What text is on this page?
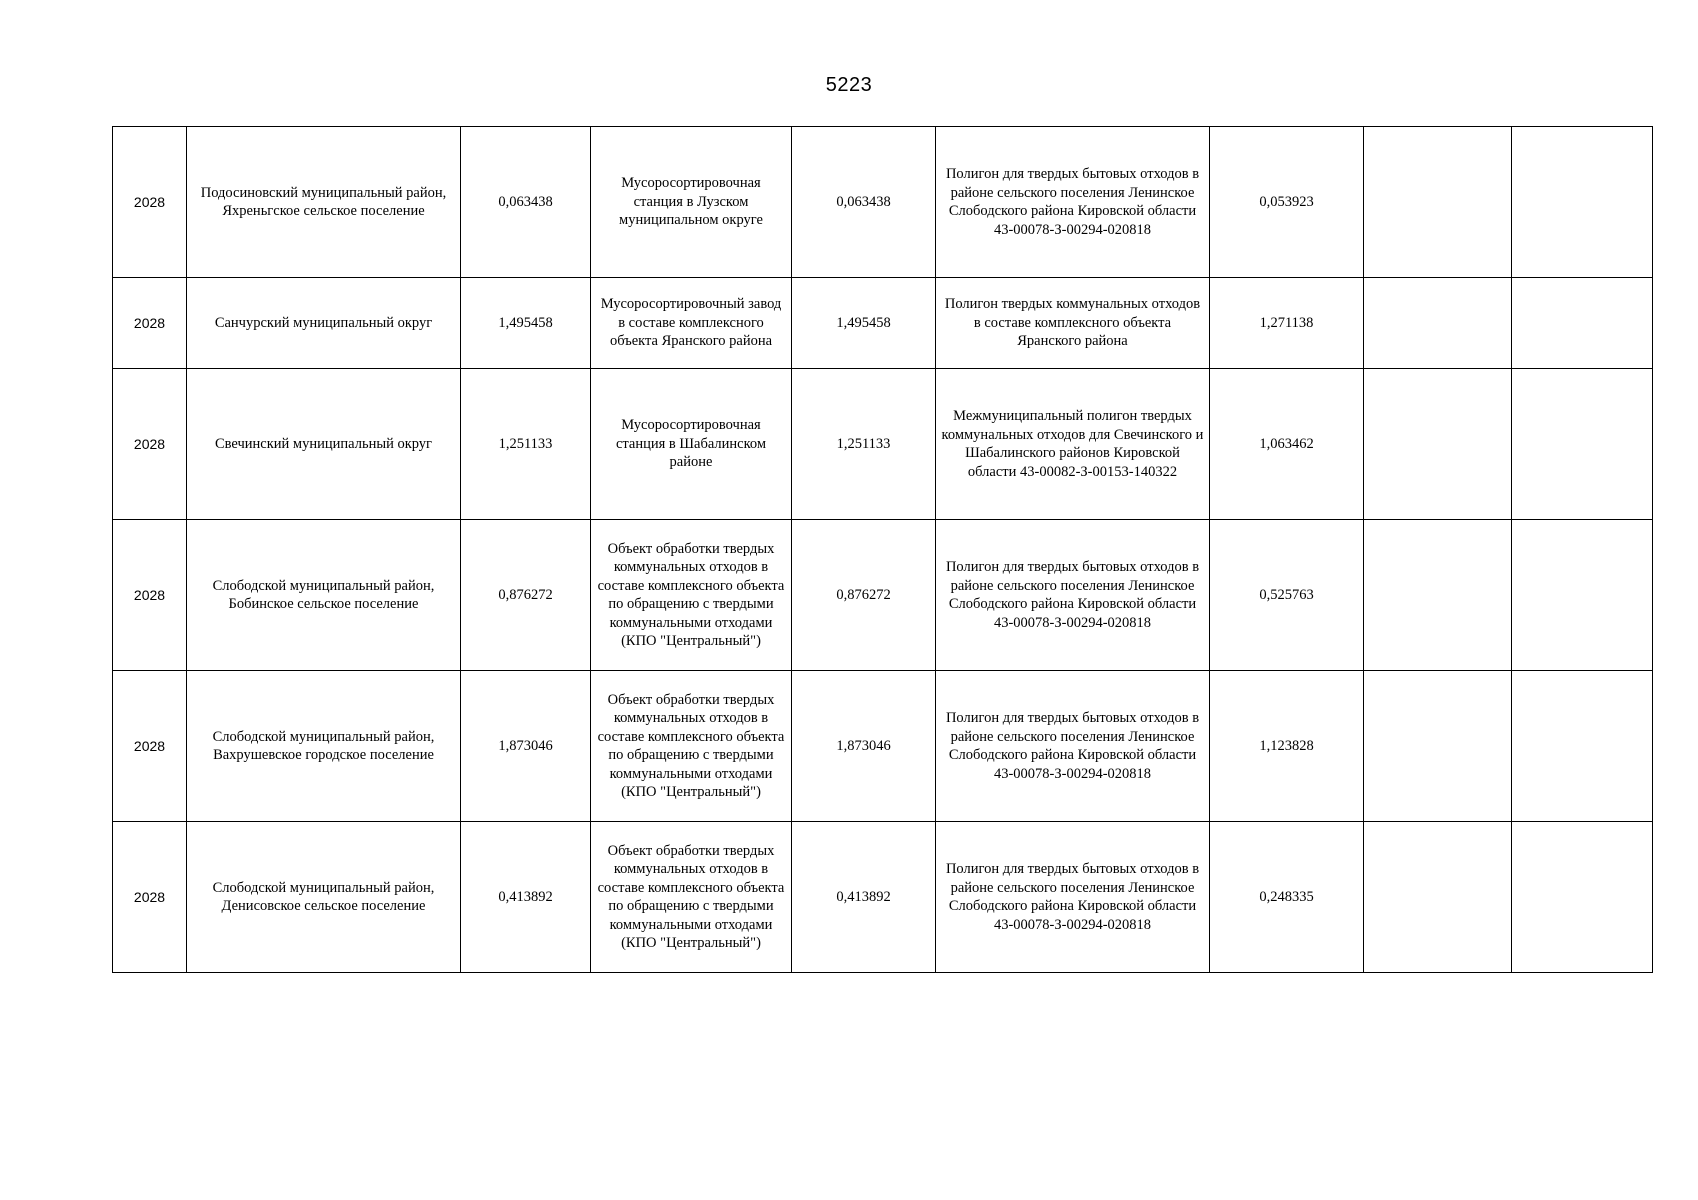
5223
2028	Подосиновский муниципальный район, Яхреньгское сельское поселение	0,063438	Мусоросортировочная станция в Лузском муниципальном округе	0,063438	Полигон для твердых бытовых отходов в районе сельского поселения Ленинское Слободского района Кировской области 43-00078-З-00294-020818	0,053923		
2028	Санчурский муниципальный округ	1,495458	Мусоросортировочный завод в составе комплексного объекта Яранского района	1,495458	Полигон твердых коммунальных отходов в составе комплексного объекта Яранского района	1,271138		
2028	Свечинский муниципальный округ	1,251133	Мусоросортировочная станция в Шабалинском районе	1,251133	Межмуниципальный полигон твердых коммунальных отходов для Свечинского и Шабалинского районов Кировской области 43-00082-З-00153-140322	1,063462		
2028	Слободской муниципальный район, Бобинское сельское поселение	0,876272	Объект обработки твердых коммунальных отходов в составе комплексного объекта по обращению с твердыми коммунальными отходами (КПО "Центральный")	0,876272	Полигон для твердых бытовых отходов в районе сельского поселения Ленинское Слободского района Кировской области 43-00078-З-00294-020818	0,525763		
2028	Слободской муниципальный район, Вахрушевское городское поселение	1,873046	Объект обработки твердых коммунальных отходов в составе комплексного объекта по обращению с твердыми коммунальными отходами (КПО "Центральный")	1,873046	Полигон для твердых бытовых отходов в районе сельского поселения Ленинское Слободского района Кировской области 43-00078-З-00294-020818	1,123828		
2028	Слободской муниципальный район, Денисовское сельское поселение	0,413892	Объект обработки твердых коммунальных отходов в составе комплексного объекта по обращению с твердыми коммунальными отходами (КПО "Центральный")	0,413892	Полигон для твердых бытовых отходов в районе сельского поселения Ленинское Слободского района Кировской области 43-00078-З-00294-020818	0,248335		
